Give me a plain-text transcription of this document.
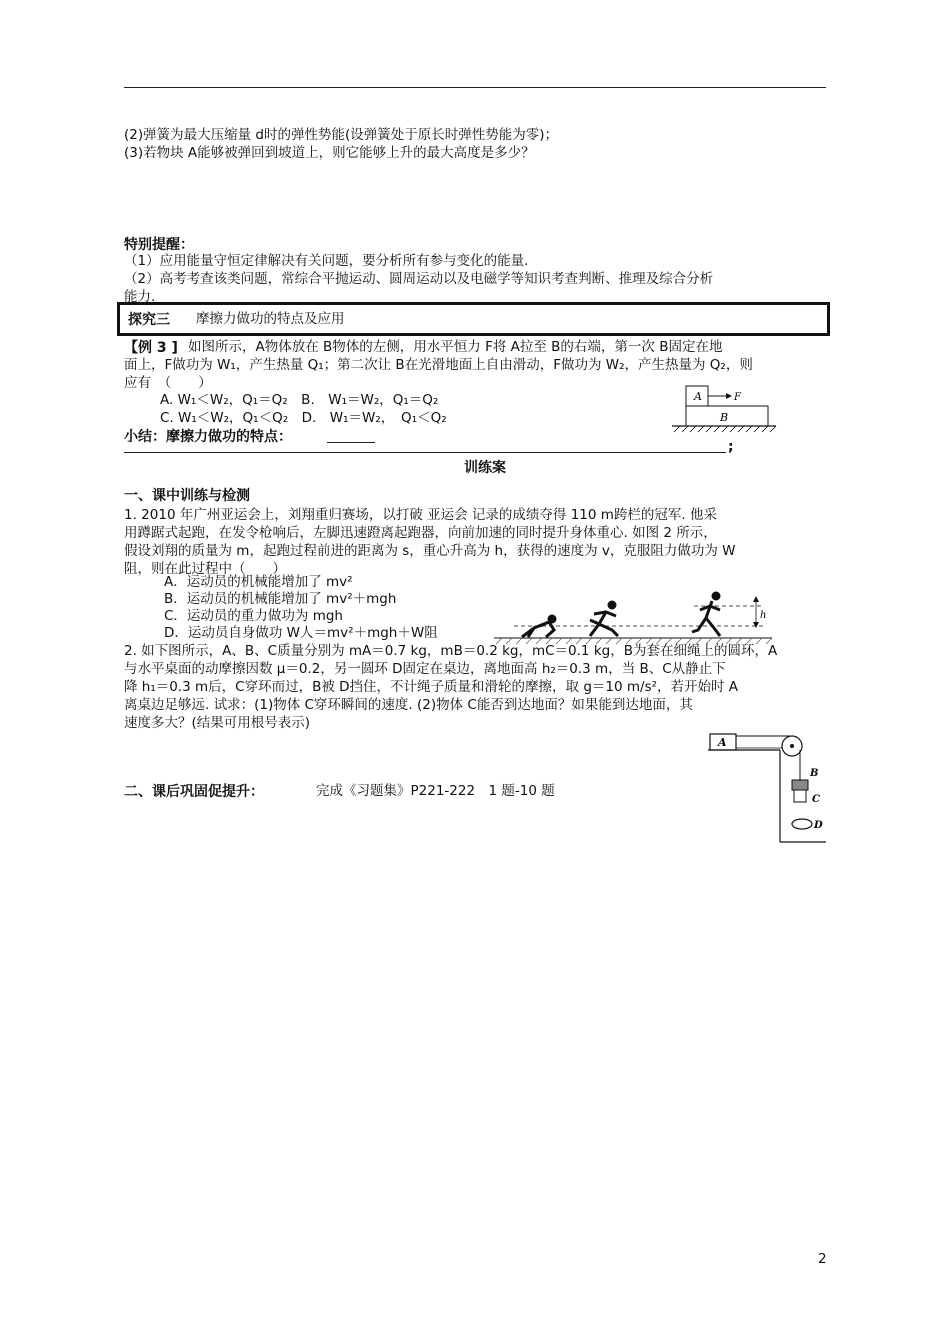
(2)弹簧为最大压缩量 d时的弹性势能(设弹簧处于原长时弹性势能为零)；
(3)若物块 A能够被弹回到坡道上，则它能够上升的最大高度是多少？
特别提醒：
（1）应用能量守恒定律解决有关问题，要分析所有参与变化的能量.
（2）高考考查该类问题，常综合平抛运动、圆周运动以及电磁学等知识考查判断、推理及综合分析
能力.
探究三 摩擦力做功的特点及应用
【例 3 ] 如图所示，A物体放在 B物体的左侧，用水平恒力 F将 A拉至 B的右端，第一次 B固定在地
面上，F做功为 W₁，产生热量 Q₁；第二次让 B在光滑地面上自由滑动，F做功为 W₂，产生热量为 Q₂，则
应有　（　　）
A. W₁＜W₂，Q₁＝Q₂　B.　W₁＝W₂，Q₁＝Q₂
C. W₁＜W₂，Q₁＜Q₂　D.　W₁＝W₂，　Q₁＜Q₂
小结：摩擦力做功的特点：
A	F
B
;
训练案
一、课中训练与检测
1. 2010 年广州亚运会上，刘翔重归赛场，以打破 亚运会 记录的成绩夺得 110 m跨栏的冠军. 他采
用蹲踞式起跑，在发令枪响后，左脚迅速蹬离起跑器，向前加速的同时提升身体重心. 如图 2 所示，
假设刘翔的质量为 m，起跑过程前进的距离为 s，重心升高为 h，获得的速度为 v，克服阻力做功为 W
阻，则在此过程中（　　）
A．运动员的机械能增加了 mv²
B．运动员的机械能增加了 mv²＋mgh
C．运动员的重力做功为 mgh
D．运动员自身做功 W人＝mv²＋mgh＋W阻
h
2. 如下图所示，A、B、C质量分别为 mA＝0.7 kg，mB＝0.2 kg，mC＝0.1 kg，B为套在细绳上的圆环，A
与水平桌面的动摩擦因数 μ＝0.2，另一圆环 D固定在桌边，离地面高 h₂＝0.3 m，当 B、C从静止下
降 h₁＝0.3 m后，C穿环而过，B被 D挡住，不计绳子质量和滑轮的摩擦，取 g＝10 m/s²，若开始时 A
离桌边足够远. 试求：(1)物体 C穿环瞬间的速度. (2)物体 C能否到达地面？如果能到达地面，其
速度多大？(结果可用根号表示)
A
B
C
D
二、课后巩固促提升：	完成《习题集》P221-222　1 题-10 题
2
